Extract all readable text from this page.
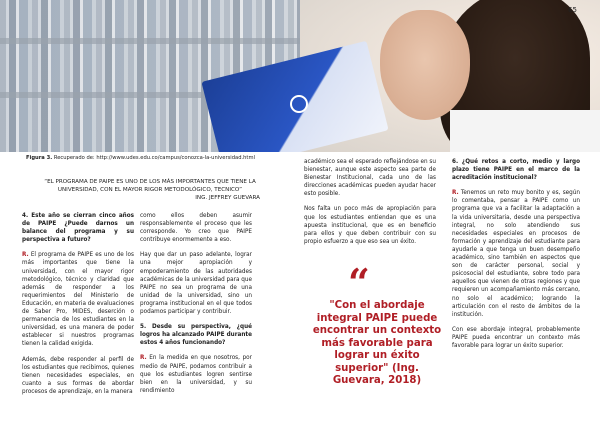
65
Figura 3. Recuperado de: http://www.udes.edu.co/campus/conozca-la-universidad.html
“EL PROGRAMA DE PAIPE ES UNO DE LOS MÁS IMPORTANTES QUE TIENE LA UNIVERSIDAD, CON EL MAYOR RIGOR METODOLÓGICO, TECNICO”
ING. JEFFREY GUEVARA

4. Este año se cierran cinco años de PAIPE ¿Puede darnos un balance del programa y su perspectiva a futuro?

R. El programa de PAIPE es uno de los más importantes que tiene la universidad, con el mayor rigor metodológico, técnico y claridad que además de responder a los requerimientos del Ministerio de Educación, en materia de evaluaciones de Saber Pro, MIDES, deserción o permanencia de los estudiantes en la universidad, es una manera de poder establecer si nuestros programas tienen la calidad exigida.

Además, debe responder al perfil de los estudiantes que recibimos, quienes tienen necesidades especiales, en cuanto a sus formas de abordar procesos de aprendizaje, en la manera

como ellos deben asumir responsablemente el proceso que les corresponde. Yo creo que PAIPE contribuye enormemente a eso.

Hay que dar un paso adelante, lograr una mejor apropiación y empoderamiento de las autoridades académicas de la universidad para que PAIPE no sea un programa de una unidad de la universidad, sino un programa institucional en el que todos podamos participar y contribuir.

5. Desde su perspectiva, ¿qué logros ha alcanzado PAIPE durante estos 4 años funcionando?

R. En la medida en que nosotros, por medio de PAIPE, podamos contribuir a que los estudiantes logren sentirse bien en la universidad, y su rendimiento

académico sea el esperado reflejándose en su bienestar, aunque este aspecto sea parte de Bienestar Institucional, cada uno de las direcciones académicas pueden ayudar hacer esto posible.

Nos falta un poco más de apropiación para que los estudiantes entiendan que es una apuesta institucional, que es en beneficio para ellos y que deben contribuir con su propio esfuerzo a que eso sea un éxito.

“
"Con el abordaje integral PAIPE puede encontrar un contexto más favorable para lograr un éxito superior" (Ing. Guevara, 2018)

6. ¿Qué retos a corto, medio y largo plazo tiene PAIPE en el marco de la acreditación institucional?

R. Tenemos un reto muy bonito y es, según lo comentaba, pensar a PAIPE como un programa que va a facilitar la adaptación a la vida universitaria, desde una perspectiva integral, no solo atendiendo sus necesidades especiales en procesos de formación y aprendizaje del estudiante para ayudarle a que tenga un buen desempeño académico, sino también en aspectos que son de carácter personal, social y psicosocial del estudiante, sobre todo para aquellos que vienen de otras regiones y que requieren un acompañamiento más cercano, no solo el académico; logrando la articulación con el resto de ámbitos de la institución.

Con ese abordaje integral, probablemente PAIPE pueda encontrar un contexto más favorable para lograr un éxito superior.
